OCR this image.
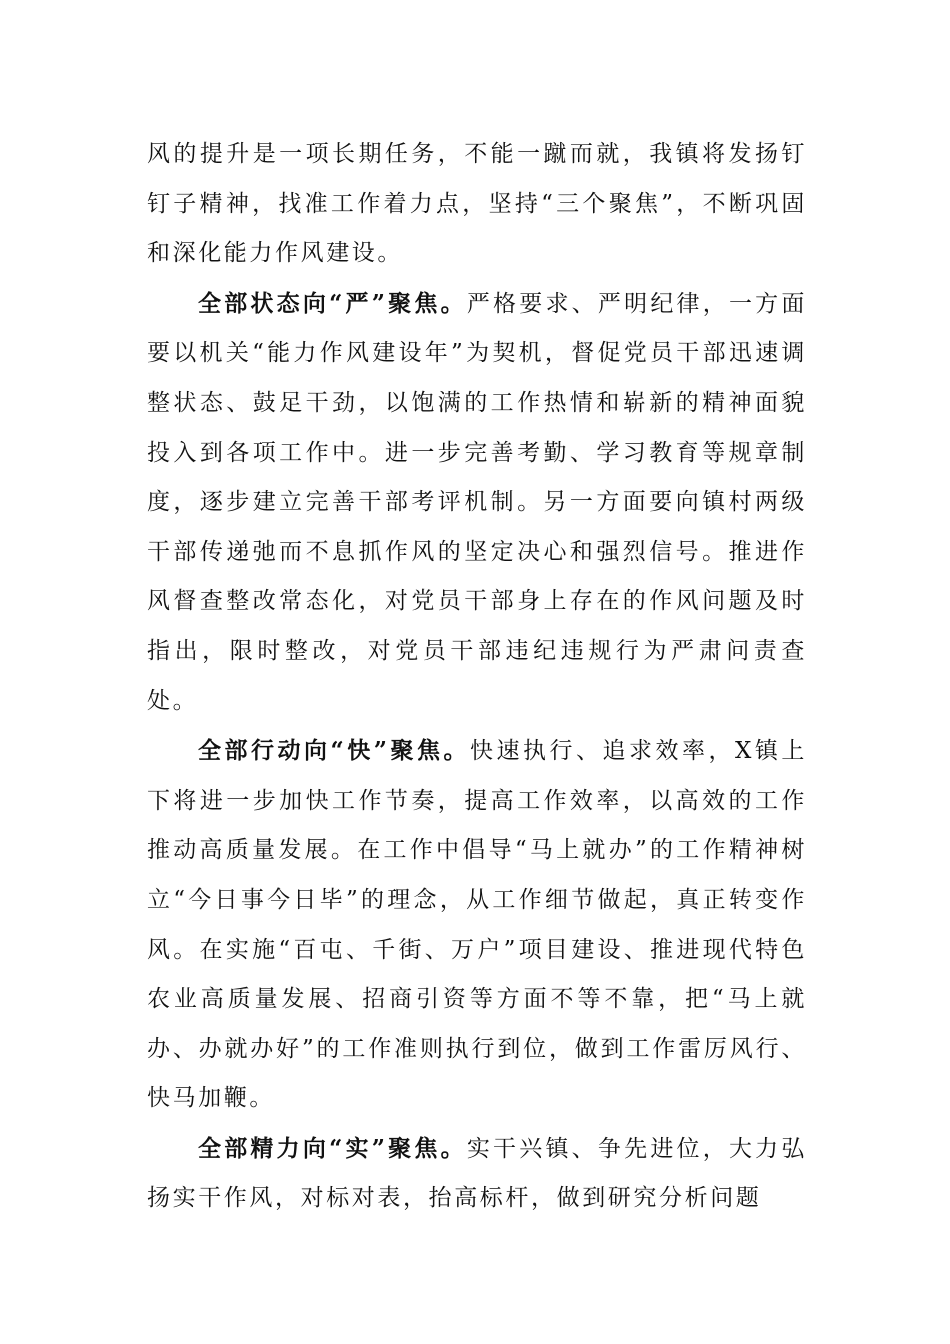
风的提升是一项长期任务，不能一蹴而就，我镇将发扬钉钉子精神，找准工作着力点，坚持“三个聚焦”，不断巩固和深化能力作风建设。

全部状态向“严”聚焦。严格要求、严明纪律，一方面要以机关“能力作风建设年”为契机，督促党员干部迅速调整状态、鼓足干劲，以饱满的工作热情和崭新的精神面貌投入到各项工作中。进一步完善考勤、学习教育等规章制度，逐步建立完善干部考评机制。另一方面要向镇村两级干部传递弛而不息抓作风的坚定决心和强烈信号。推进作风督查整改常态化，对党员干部身上存在的作风问题及时指出，限时整改，对党员干部违纪违规行为严肃问责查处。

全部行动向“快”聚焦。快速执行、追求效率，X镇上下将进一步加快工作节奏，提高工作效率，以高效的工作推动高质量发展。在工作中倡导“马上就办”的工作精神树立“今日事今日毕”的理念，从工作细节做起，真正转变作风。在实施“百屯、千街、万户”项目建设、推进现代特色农业高质量发展、招商引资等方面不等不靠，把“马上就办、办就办好”的工作准则执行到位，做到工作雷厉风行、快马加鞭。

全部精力向“实”聚焦。实干兴镇、争先进位，大力弘扬实干作风，对标对表，抬高标杆，做到研究分析问题
